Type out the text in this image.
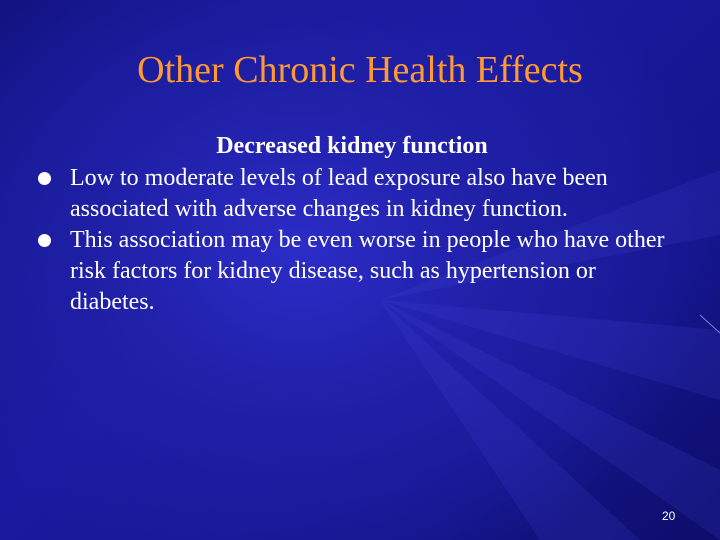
Other Chronic Health Effects
Decreased kidney function
Low to moderate levels of lead exposure also have been associated with adverse changes in kidney function.
This association may be even worse in people who have other risk factors for kidney disease, such as hypertension or diabetes.
20
